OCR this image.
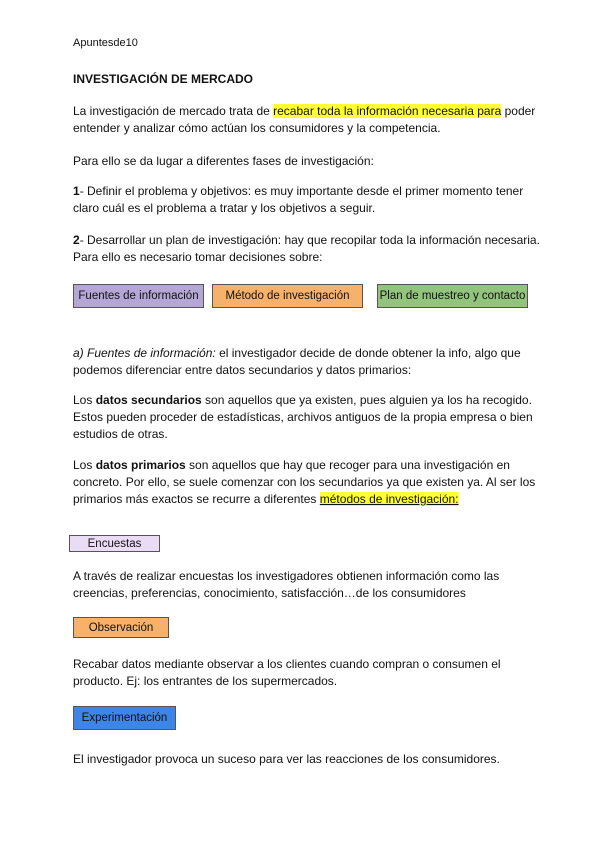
Apuntesde10
INVESTIGACIÓN DE MERCADO
La investigación de mercado trata de recabar toda la información necesaria para poder entender y analizar cómo actúan los consumidores y la competencia.
Para ello se da lugar a diferentes fases de investigación:
1- Definir el problema y objetivos: es muy importante desde el primer momento tener claro cuál es el problema a tratar y los objetivos a seguir.
2- Desarrollar un plan de investigación: hay que recopilar toda la información necesaria. Para ello es necesario tomar decisiones sobre:
Fuentes de información	Método de investigación	Plan de muestreo y contacto
a) Fuentes de información: el investigador decide de donde obtener la info, algo que podemos diferenciar entre datos secundarios y datos primarios:
Los datos secundarios son aquellos que ya existen, pues alguien ya los ha recogido. Estos pueden proceder de estadísticas, archivos antiguos de la propia empresa o bien estudios de otras.
Los datos primarios son aquellos que hay que recoger para una investigación en concreto. Por ello, se suele comenzar con los secundarios ya que existen ya. Al ser los primarios más exactos se recurre a diferentes métodos de investigación:
Encuestas
A través de realizar encuestas los investigadores obtienen información como las creencias, preferencias, conocimiento, satisfacción…de los consumidores
Observación
Recabar datos mediante observar a los clientes cuando compran o consumen el producto. Ej: los entrantes de los supermercados.
Experimentación
El investigador provoca un suceso para ver las reacciones de los consumidores.
